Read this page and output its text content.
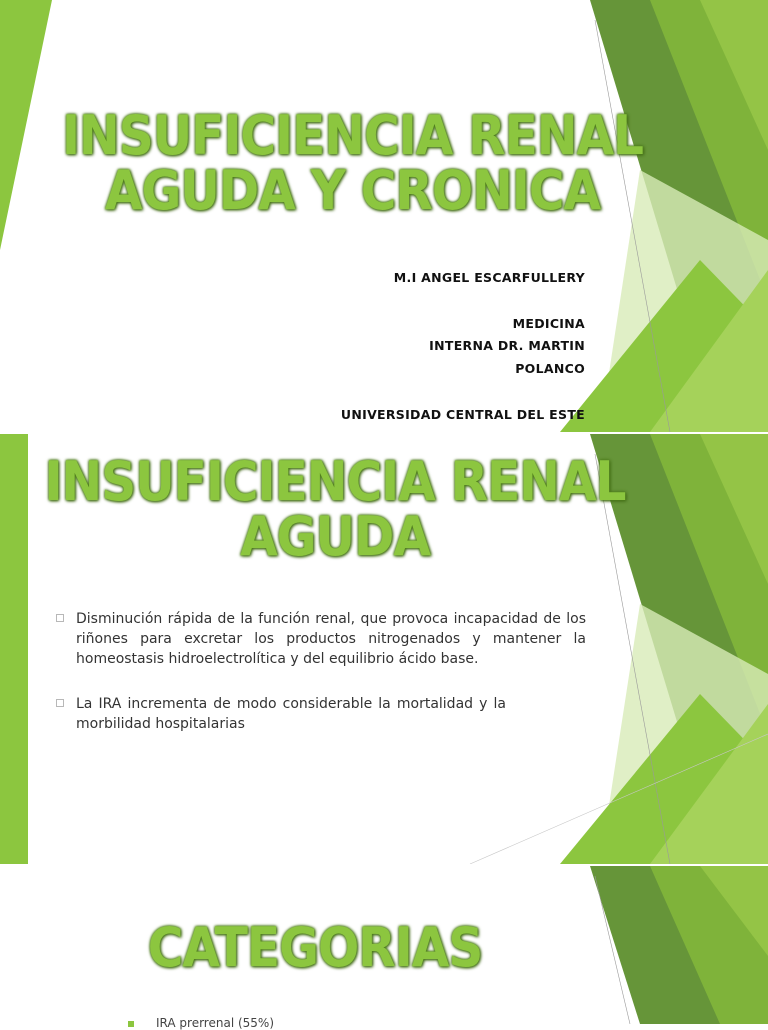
INSUFICIENCIA RENAL
AGUDA Y CRONICA
M.I ANGEL ESCARFULLERY
MEDICINA
INTERNA DR. MARTIN
POLANCO
UNIVERSIDAD CENTRAL DEL ESTE
INSUFICIENCIA RENAL
AGUDA

Disminución rápida de la función renal, que provoca incapacidad de los riñones para excretar los productos nitrogenados y mantener la homeostasis hidroelectrolítica y del equilibrio ácido base.

La IRA incrementa de modo considerable la mortalidad y la morbilidad hospitalarias

CATEGORIAS
IRA prerrenal (55%)
